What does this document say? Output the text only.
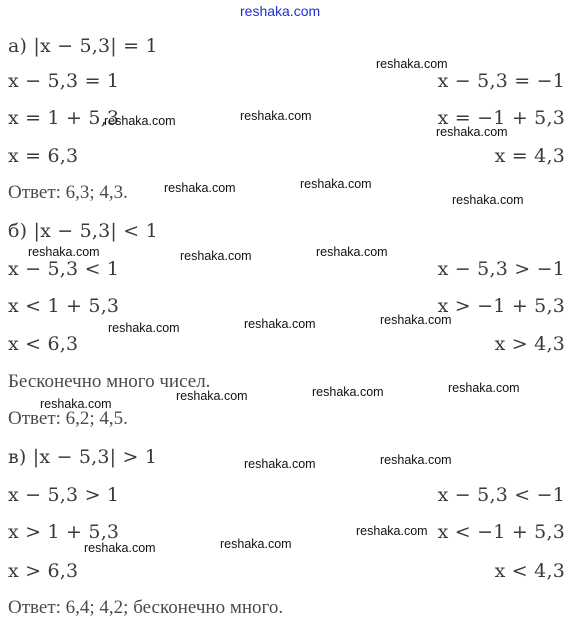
reshaka.com
а) |x − 5,3| = 1
x − 5,3 = 1
x = 1 + 5,3
x = 6,3
x − 5,3 = −1
x = −1 + 5,3
x = 4,3
Ответ: 6,3; 4,3.
б) |x − 5,3| < 1
x − 5,3 < 1
x < 1 + 5,3
x < 6,3
x − 5,3 > −1
x > −1 + 5,3
x > 4,3
Бесконечно много чисел.
Ответ: 6,2; 4,5.
в) |x − 5,3| > 1
x − 5,3 > 1
x > 1 + 5,3
x > 6,3
x − 5,3 < −1
x < −1 + 5,3
x < 4,3
Ответ: 6,4; 4,2; бесконечно много.
reshaka.com
reshaka.com	reshaka.com
reshaka.com
reshaka.com	reshaka.com
reshaka.com
reshaka.com	reshaka.com	reshaka.com
reshaka.com	reshaka.com	reshaka.com
reshaka.com
reshaka.com
reshaka.com
reshaka.com
reshaka.com	reshaka.com
reshaka.com
reshaka.com
reshaka.com
